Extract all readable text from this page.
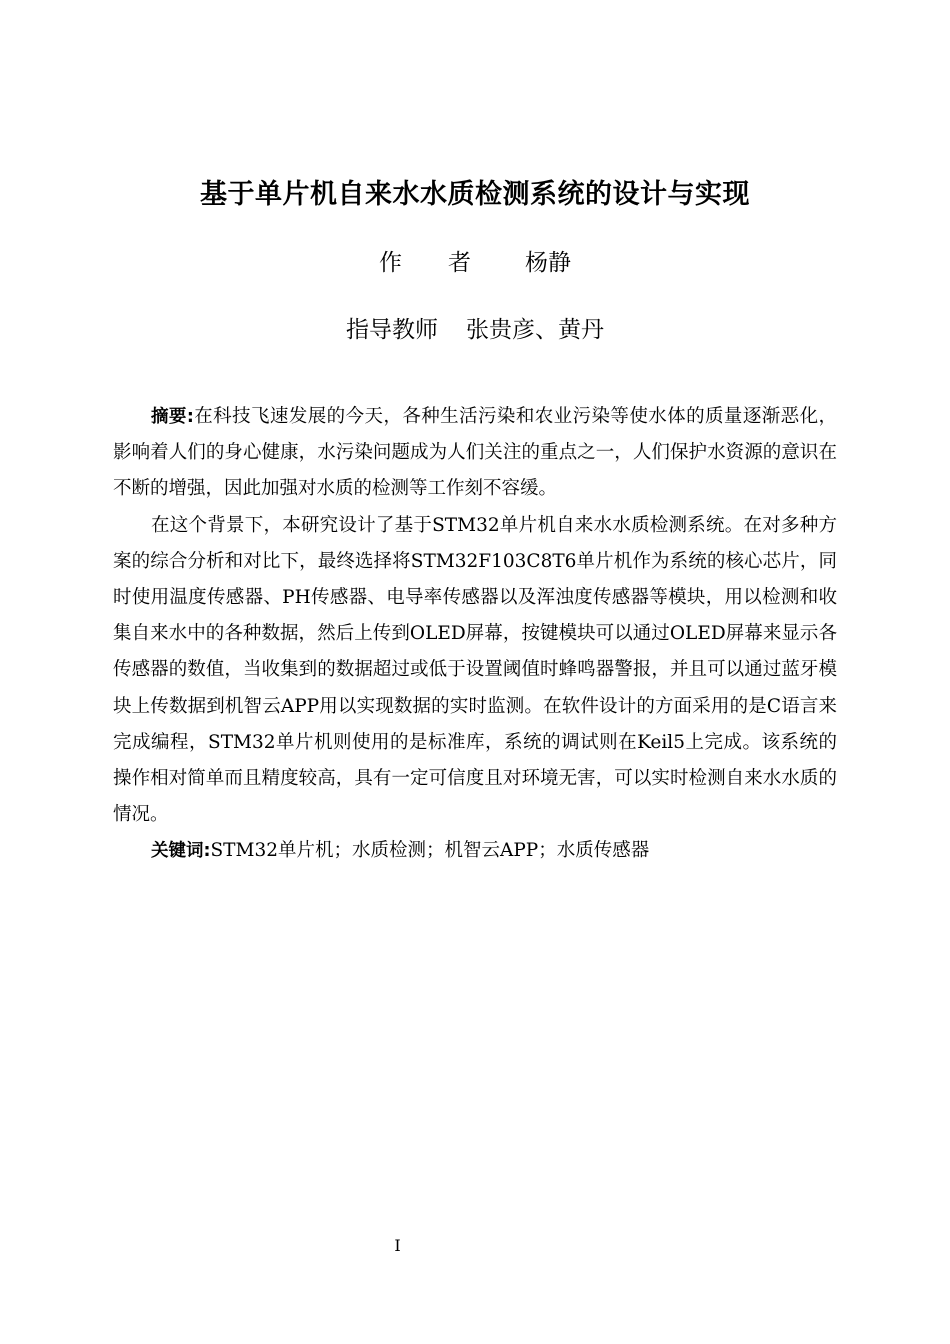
基于单片机自来水水质检测系统的设计与实现
作者 杨静
指导教师 张贵彦、黄丹

摘要:在科技飞速发展的今天，各种生活污染和农业污染等使水体的质量逐渐恶化，影响着人们的身心健康，水污染问题成为人们关注的重点之一，人们保护水资源的意识在不断的增强，因此加强对水质的检测等工作刻不容缓。

在这个背景下，本研究设计了基于STM32单片机自来水水质检测系统。在对多种方案的综合分析和对比下，最终选择将STM32F103C8T6单片机作为系统的核心芯片，同时使用温度传感器、PH传感器、电导率传感器以及浑浊度传感器等模块，用以检测和收集自来水中的各种数据，然后上传到OLED屏幕，按键模块可以通过OLED屏幕来显示各传感器的数值，当收集到的数据超过或低于设置阈值时蜂鸣器警报，并且可以通过蓝牙模块上传数据到机智云APP用以实现数据的实时监测。在软件设计的方面采用的是C语言来完成编程，STM32单片机则使用的是标准库，系统的调试则在Keil5上完成。该系统的操作相对简单而且精度较高，具有一定可信度且对环境无害，可以实时检测自来水水质的情况。

关键词:STM32单片机；水质检测；机智云APP；水质传感器

I
